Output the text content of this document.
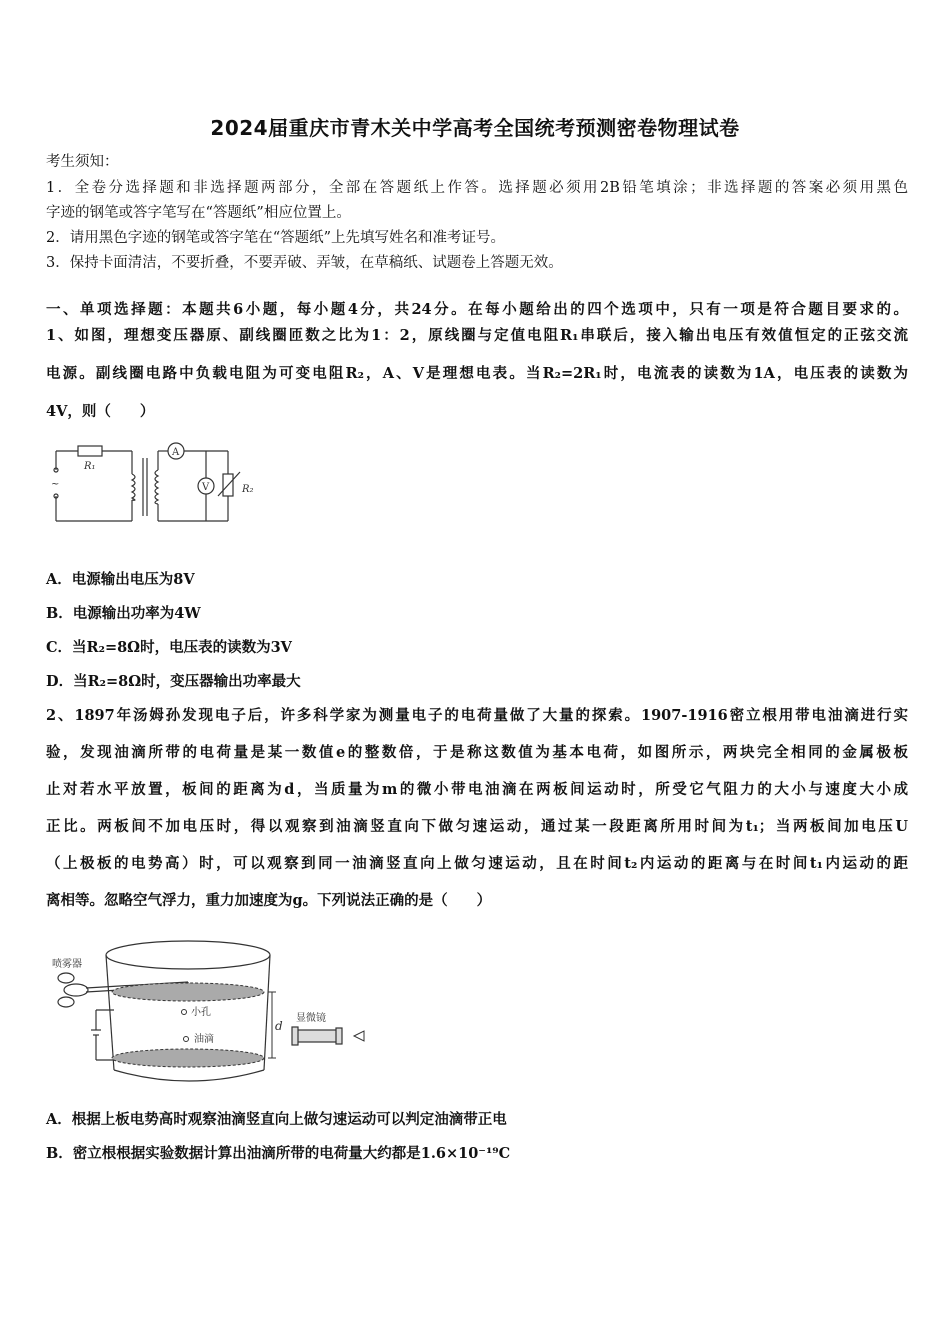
2024届重庆市青木关中学高考全国统考预测密卷物理试卷
考生须知：
1．全卷分选择题和非选择题两部分，全部在答题纸上作答。选择题必须用2B铅笔填涂；非选择题的答案必须用黑色
字迹的钢笔或答字笔写在“答题纸”相应位置上。
2．请用黑色字迹的钢笔或答字笔在“答题纸”上先填写姓名和准考证号。
3．保持卡面清洁，不要折叠，不要弄破、弄皱，在草稿纸、试题卷上答题无效。
一、单项选择题：本题共6小题，每小题4分，共24分。在每小题给出的四个选项中，只有一项是符合题目要求的。
1、如图，理想变压器原、副线圈匝数之比为1：2，原线圈与定值电阻R₁串联后，接入输出电压有效值恒定的正弦交流
电源。副线圈电路中负载电阻为可变电阻R₂，A、V是理想电表。当R₂=2R₁时，电流表的读数为1A，电压表的读数为
4V，则（　　）
R₁
R₂
A
V
~
A．电源输出电压为8V
B．电源输出功率为4W
C．当R₂=8Ω时，电压表的读数为3V
D．当R₂=8Ω时，变压器输出功率最大
2、1897年汤姆孙发现电子后，许多科学家为测量电子的电荷量做了大量的探索。1907-1916密立根用带电油滴进行实
验，发现油滴所带的电荷量是某一数值e的整数倍，于是称这数值为基本电荷，如图所示，两块完全相同的金属极板
止对若水平放置，板间的距离为d，当质量为m的微小带电油滴在两板间运动时，所受它气阻力的大小与速度大小成
正比。两板间不加电压时，得以观察到油滴竖直向下做匀速运动，通过某一段距离所用时间为t₁；当两板间加电压U
（上极板的电势高）时，可以观察到同一油滴竖直向上做匀速运动，且在时间t₂内运动的距离与在时间t₁内运动的距
离相等。忽略空气浮力，重力加速度为g。下列说法正确的是（　　）
d
喷雾器
小孔
油滴
显微镜
A．根据上板电势高时观察油滴竖直向上做匀速运动可以判定油滴带正电
B．密立根根据实验数据计算出油滴所带的电荷量大约都是1.6×10⁻¹⁹C
